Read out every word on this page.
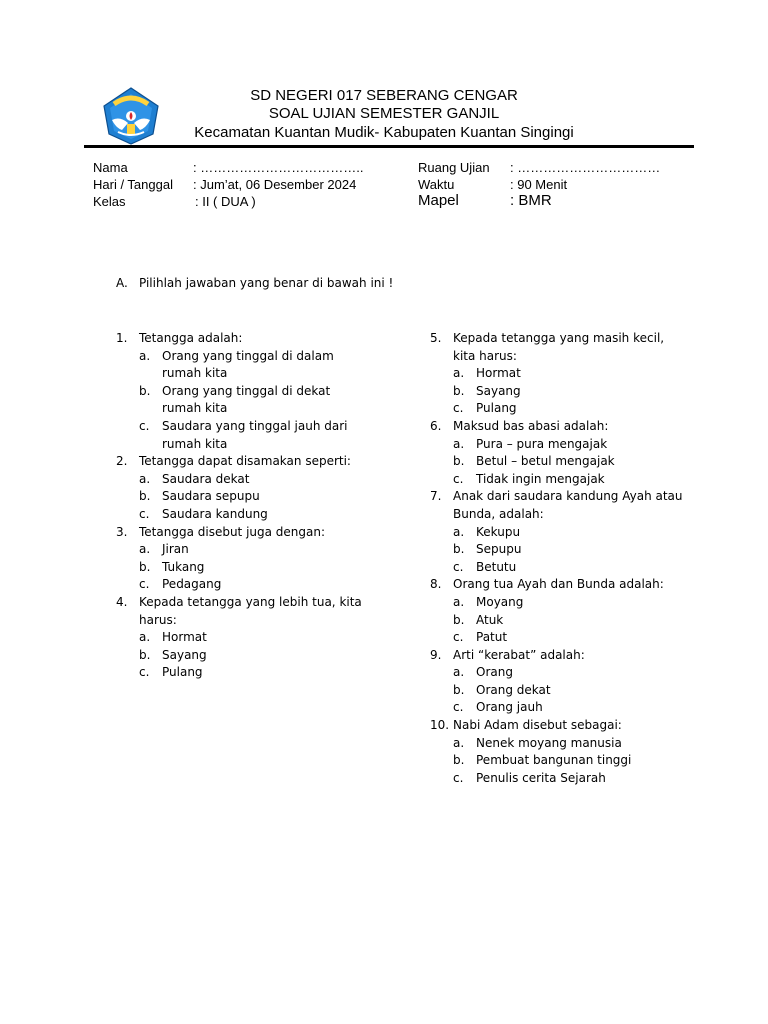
SD NEGERI 017 SEBERANG CENGAR
SOAL UJIAN SEMESTER GANJIL
Kecamatan Kuantan Mudik- Kabupaten Kuantan Singingi
Nama	: ………………………………..
Hari / Tanggal : Jum’at, 06 Desember 2024
Kelas	: II ( DUA )
Ruang Ujian : ……………………………
Waktu	: 90 Menit
Mapel	: BMR
A. Pilihlah jawaban yang benar di bawah ini !
1. Tetangga adalah:
a. Orang yang tinggal di dalam
rumah kita
b. Orang yang tinggal di dekat
rumah kita
c. Saudara yang tinggal jauh dari
rumah kita
2. Tetangga dapat disamakan seperti:
a. Saudara dekat
b. Saudara sepupu
c. Saudara kandung
3. Tetangga disebut juga dengan:
a. Jiran
b. Tukang
c. Pedagang
4. Kepada tetangga yang lebih tua, kita
harus:
a. Hormat
b. Sayang
c. Pulang
5. Kepada tetangga yang masih kecil,
kita harus:
a. Hormat
b. Sayang
c. Pulang
6. Maksud bas abasi adalah:
a. Pura – pura mengajak
b. Betul – betul mengajak
c. Tidak ingin mengajak
7. Anak dari saudara kandung Ayah atau
Bunda, adalah:
a. Kekupu
b. Sepupu
c. Betutu
8. Orang tua Ayah dan Bunda adalah:
a. Moyang
b. Atuk
c. Patut
9. Arti “kerabat” adalah:
a. Orang
b. Orang dekat
c. Orang jauh
10. Nabi Adam disebut sebagai:
a. Nenek moyang manusia
b. Pembuat bangunan tinggi
c. Penulis cerita Sejarah
